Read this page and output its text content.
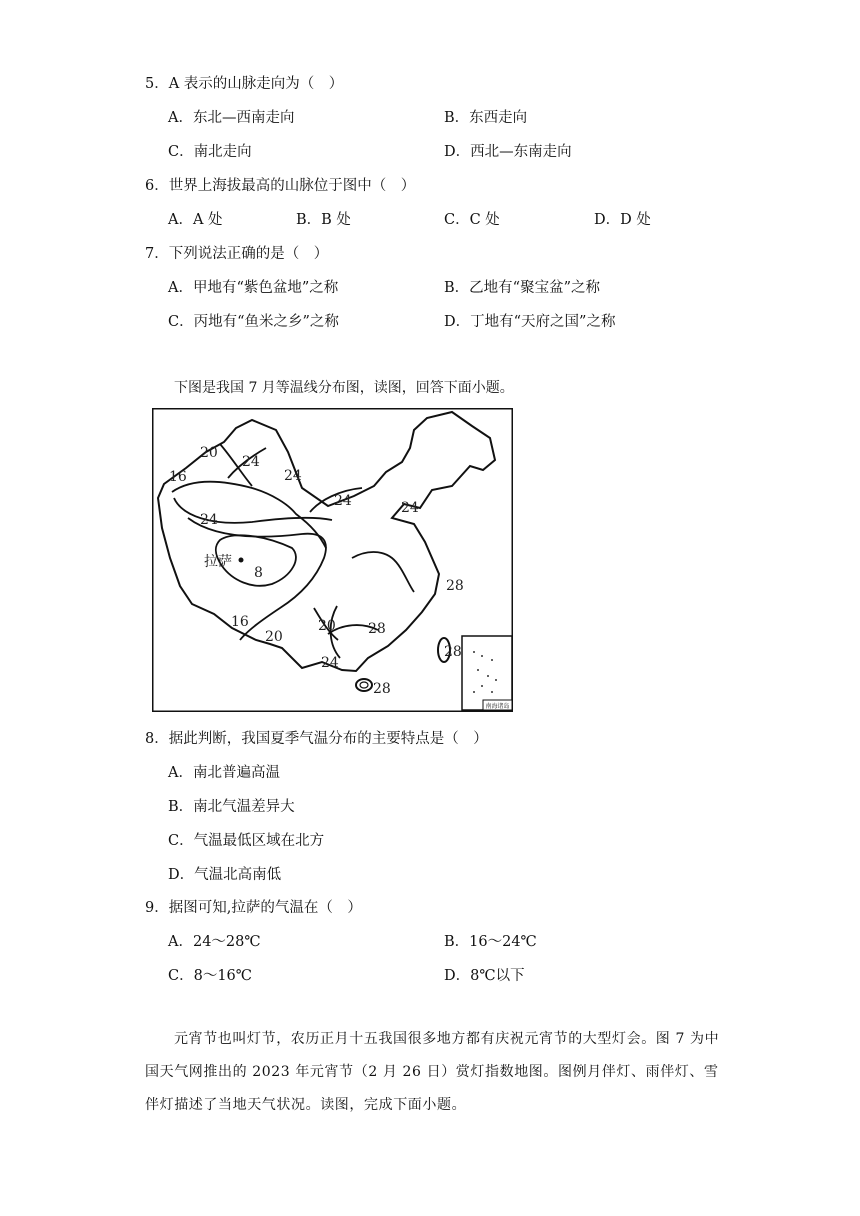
5．A 表示的山脉走向为（　）
A．东北—西南走向	B．东西走向
C．南北走向	D．西北—东南走向
6．世界上海拔最高的山脉位于图中（　）
A．A 处	B．B 处	C．C 处	D．D 处
7．下列说法正确的是（　）
A．甲地有“紫色盆地”之称	B．乙地有“聚宝盆”之称
C．丙地有“鱼米之乡”之称	D．丁地有“天府之国”之称
下图是我国 7 月等温线分布图，读图，回答下面小题。
南海诸岛
20
24
24
16
24
24
24
8
拉萨
16
20
20
28
28
28
24
28
8．据此判断，我国夏季气温分布的主要特点是（　）
A．南北普遍高温
B．南北气温差异大
C．气温最低区域在北方
D．气温北高南低
9．据图可知,拉萨的气温在（　）
A．24～28℃	B．16～24℃
C．8～16℃	D．8℃以下
元宵节也叫灯节，农历正月十五我国很多地方都有庆祝元宵节的大型灯会。图 7 为中国天气网推出的 2023 年元宵节（2 月 26 日）赏灯指数地图。图例月伴灯、雨伴灯、雪伴灯描述了当地天气状况。读图，完成下面小题。
